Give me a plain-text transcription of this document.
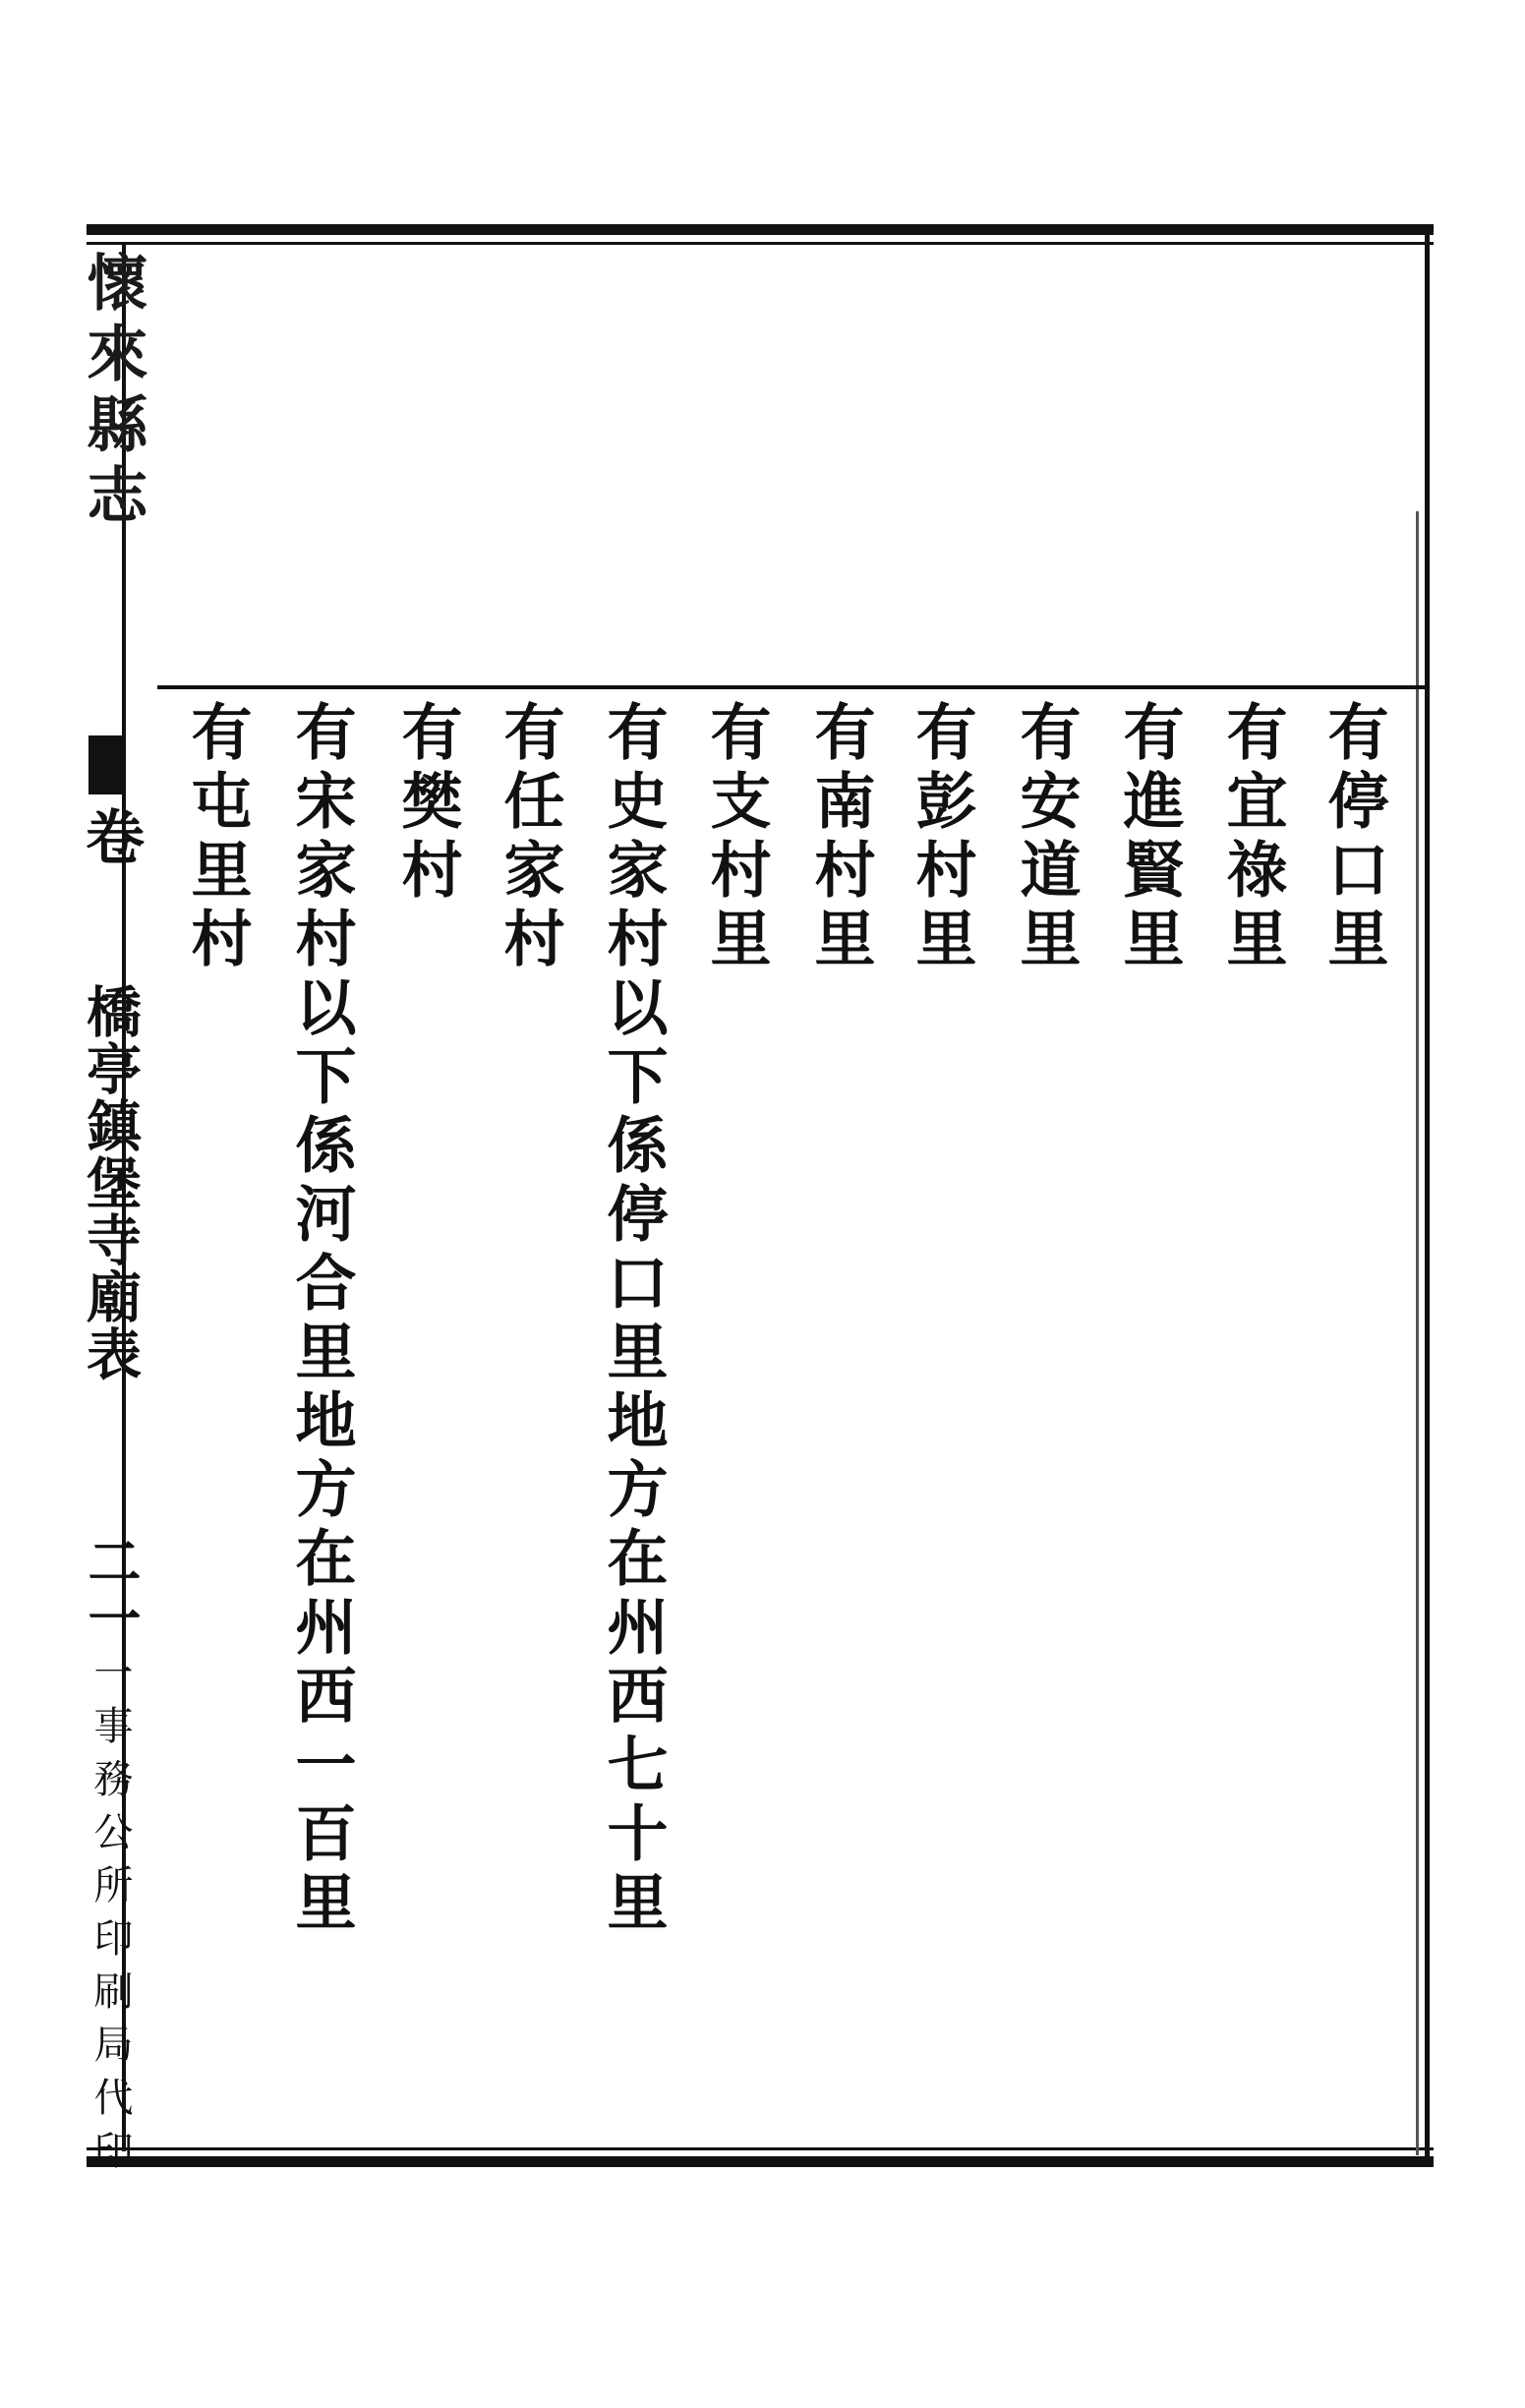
懷來縣志
卷
橋亭鎮堡寺廟表
二一
一事務公所印刷局代印
有停口里
有宜祿里
有進賢里
有安道里
有彭村里
有南村里
有支村里
有史家村以下係停口里地方在州西七十里
有任家村
有樊村
有宋家村以下係河合里地方在州西一百里
有屯里村
